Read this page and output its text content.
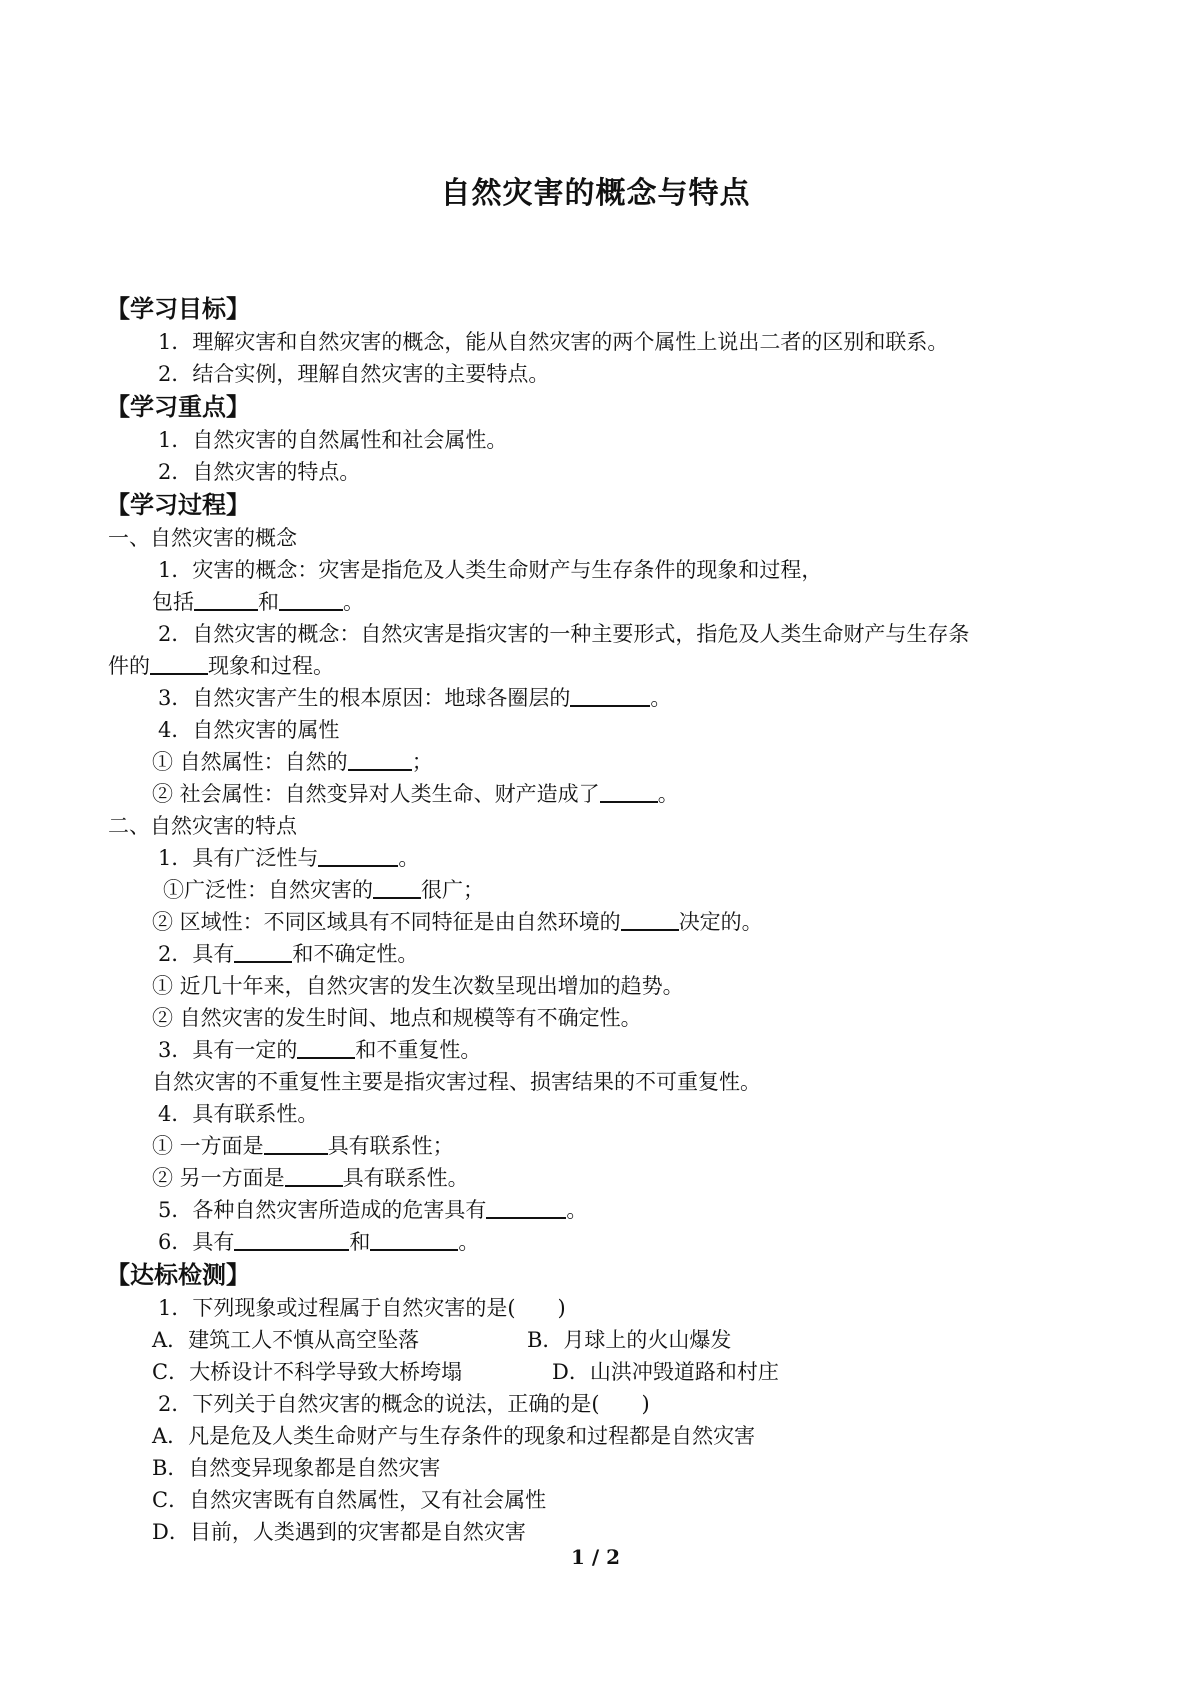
自然灾害的概念与特点
【学习目标】
1．理解灾害和自然灾害的概念，能从自然灾害的两个属性上说出二者的区别和联系。
2．结合实例，理解自然灾害的主要特点。
【学习重点】
1．自然灾害的自然属性和社会属性。
2．自然灾害的特点。
【学习过程】
一、自然灾害的概念
1．灾害的概念：灾害是指危及人类生命财产与生存条件的现象和过程，
包括	和	。
2．自然灾害的概念：自然灾害是指灾害的一种主要形式，指危及人类生命财产与生存条
件的	现象和过程。
3．自然灾害产生的根本原因：地球各圈层的	。
4．自然灾害的属性
① 自然属性：自然的	；
② 社会属性：自然变异对人类生命、财产造成了	。
二、自然灾害的特点
1．具有广泛性与	。
①广泛性：自然灾害的 很广；
② 区域性：不同区域具有不同特征是由自然环境的	决定的。
2．具有	和不确定性。
① 近几十年来，自然灾害的发生次数呈现出增加的趋势。
② 自然灾害的发生时间、地点和规模等有不确定性。
3．具有一定的	和不重复性。
自然灾害的不重复性主要是指灾害过程、损害结果的不可重复性。
4．具有联系性。
① 一方面是	具有联系性；
② 另一方面是	具有联系性。
5．各种自然灾害所造成的危害具有	。
6．具有	和	。
【达标检测】
1．下列现象或过程属于自然灾害的是(　　)
A．建筑工人不慎从高空坠落	B．月球上的火山爆发
C．大桥设计不科学导致大桥垮塌	D．山洪冲毁道路和村庄
2．下列关于自然灾害的概念的说法，正确的是(　　)
A．凡是危及人类生命财产与生存条件的现象和过程都是自然灾害
B．自然变异现象都是自然灾害
C．自然灾害既有自然属性，又有社会属性
D．目前，人类遇到的灾害都是自然灾害
1 / 2
